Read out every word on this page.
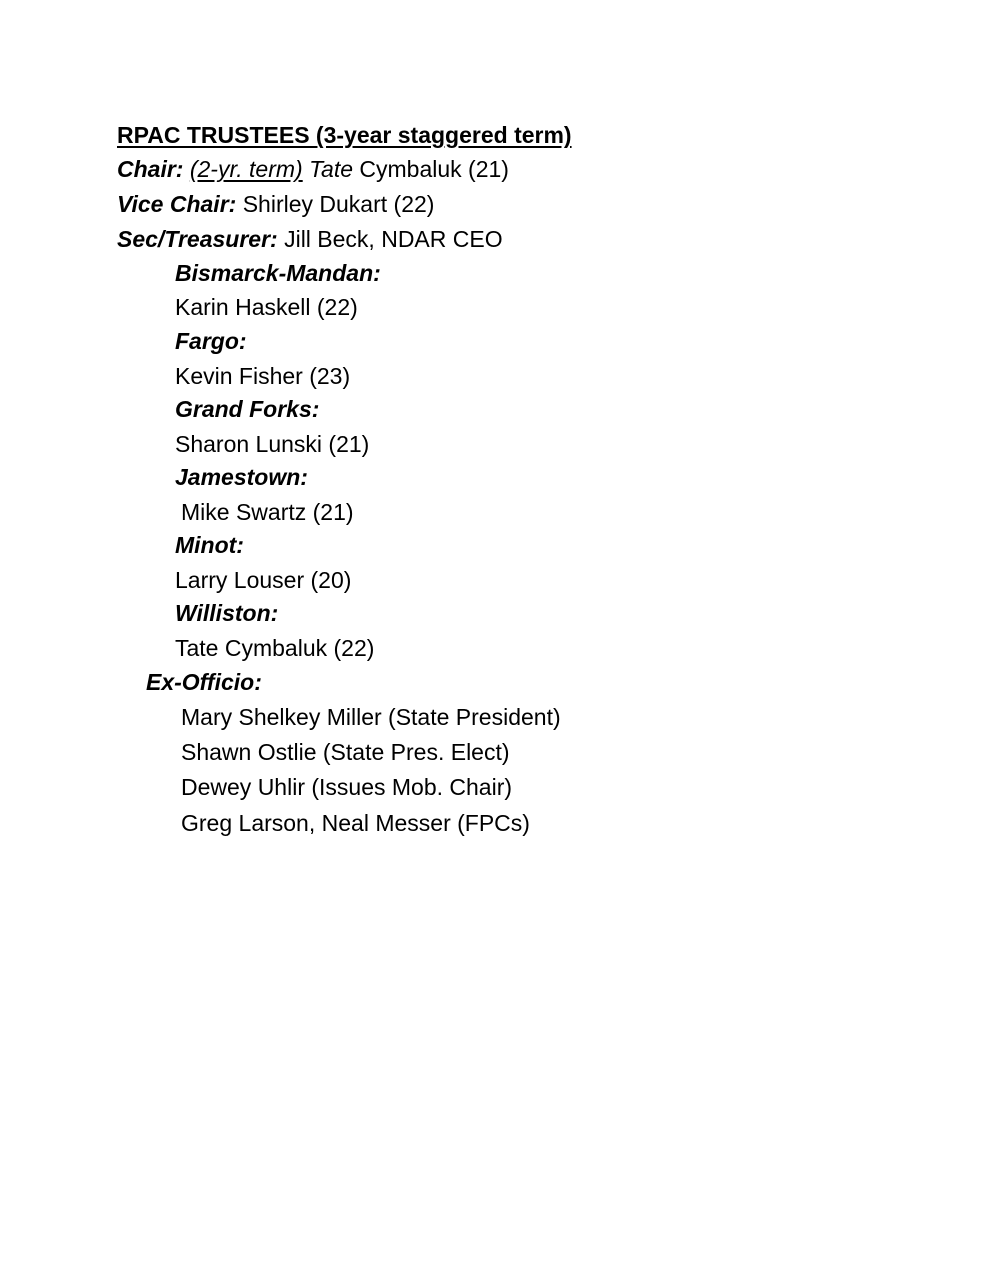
RPAC TRUSTEES (3-year staggered term)
Chair: (2-yr. term) Tate Cymbaluk (21)
Vice Chair: Shirley Dukart (22)
Sec/Treasurer: Jill Beck, NDAR CEO
Bismarck-Mandan:
Karin Haskell (22)
Fargo:
Kevin Fisher (23)
Grand Forks:
Sharon Lunski (21)
Jamestown:
Mike Swartz (21)
Minot:
Larry Louser (20)
Williston:
Tate Cymbaluk (22)
Ex-Officio:
Mary Shelkey Miller (State President)
Shawn Ostlie (State Pres. Elect)
Dewey Uhlir (Issues Mob. Chair)
Greg Larson, Neal Messer (FPCs)
